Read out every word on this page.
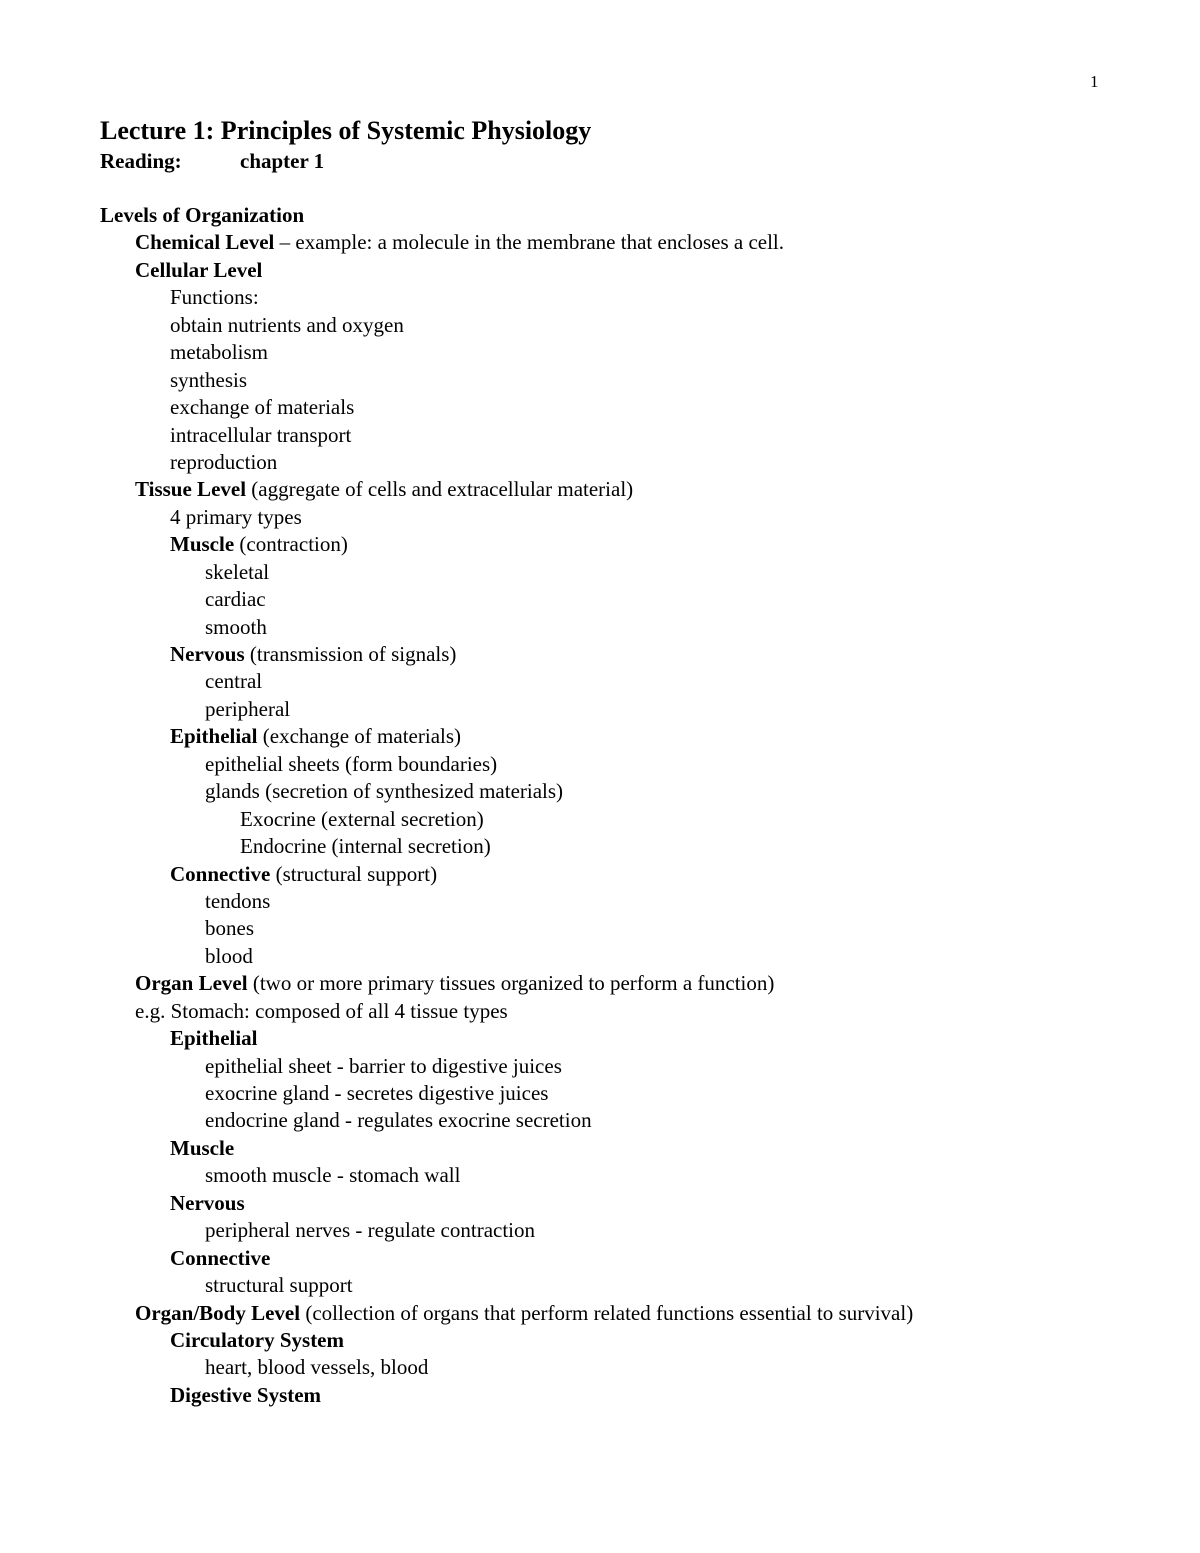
1
Lecture 1: Principles of Systemic Physiology
Reading:	chapter 1
Levels of Organization
Chemical Level – example: a molecule in the membrane that encloses a cell.
Cellular Level
Functions:
obtain nutrients and oxygen
metabolism
synthesis
exchange of materials
intracellular transport
reproduction
Tissue Level (aggregate of cells and extracellular material)
4 primary types
Muscle (contraction)
skeletal
cardiac
smooth
Nervous (transmission of signals)
central
peripheral
Epithelial (exchange of materials)
epithelial sheets (form boundaries)
glands (secretion of synthesized materials)
Exocrine (external secretion)
Endocrine (internal secretion)
Connective (structural support)
tendons
bones
blood
Organ Level (two or more primary tissues organized to perform a function)
e.g. Stomach: composed of all 4 tissue types
Epithelial
epithelial sheet - barrier to digestive juices
exocrine gland - secretes digestive juices
endocrine gland - regulates exocrine secretion
Muscle
smooth muscle - stomach wall
Nervous
peripheral nerves - regulate contraction
Connective
structural support
Organ/Body Level (collection of organs that perform related functions essential to survival)
Circulatory System
heart, blood vessels, blood
Digestive System
